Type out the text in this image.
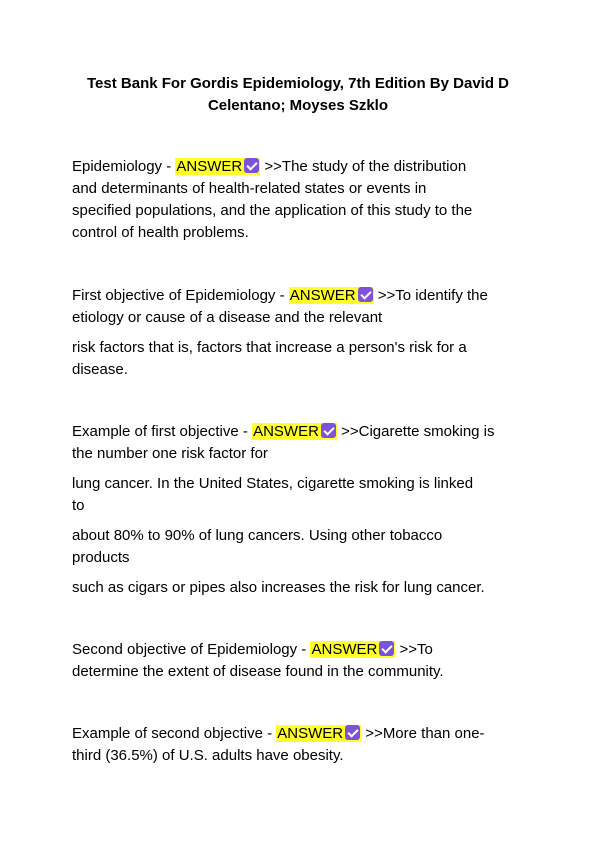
Test Bank For Gordis Epidemiology, 7th Edition By David D
Celentano; Moyses Szklo
Epidemiology - ANSWER >>The study of the distribution
and determinants of health-related states or events in
specified populations, and the application of this study to the
control of health problems.
First objective of Epidemiology - ANSWER >>To identify the
etiology or cause of a disease and the relevant
risk factors that is, factors that increase a person's risk for a
disease.
Example of first objective - ANSWER >>Cigarette smoking is
the number one risk factor for
lung cancer. In the United States, cigarette smoking is linked
to
about 80% to 90% of lung cancers. Using other tobacco
products
such as cigars or pipes also increases the risk for lung cancer.
Second objective of Epidemiology - ANSWER >>To
determine the extent of disease found in the community.
Example of second objective - ANSWER >>More than one-
third (36.5%) of U.S. adults have obesity.
